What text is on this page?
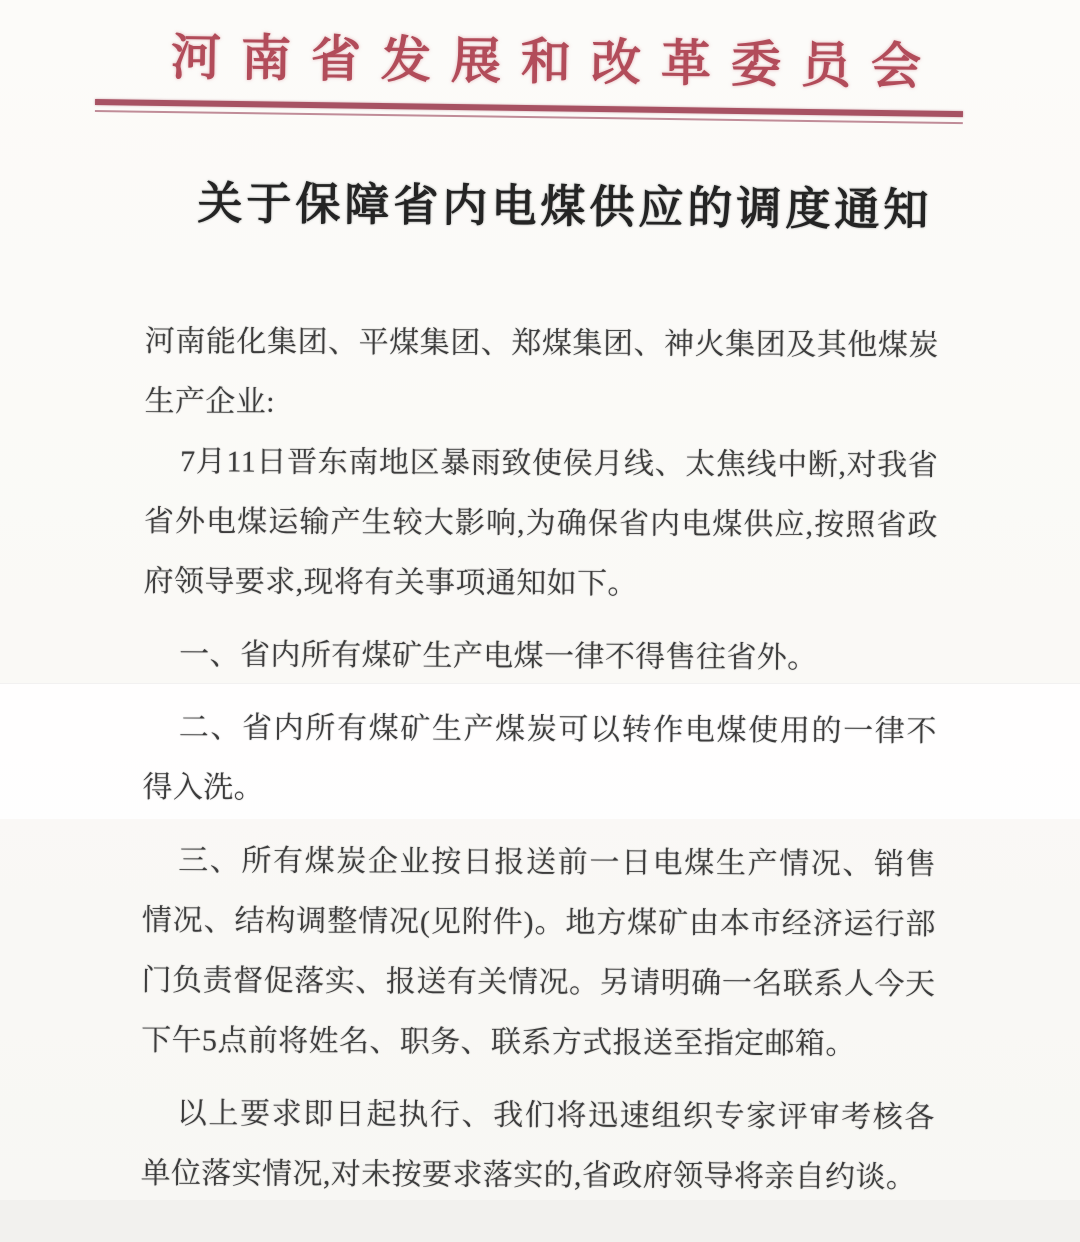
河南省发展和改革委员会
关于保障省内电煤供应的调度通知

河南能化集团、平煤集团、郑煤集团、神火集团及其他煤炭生产企业:

7月11日晋东南地区暴雨致使侯月线、太焦线中断,对我省省外电煤运输产生较大影响,为确保省内电煤供应,按照省政府领导要求,现将有关事项通知如下。

一、省内所有煤矿生产电煤一律不得售往省外。

二、省内所有煤矿生产煤炭可以转作电煤使用的一律不得入洗。

三、所有煤炭企业按日报送前一日电煤生产情况、销售情况、结构调整情况(见附件)。地方煤矿由本市经济运行部门负责督促落实、报送有关情况。另请明确一名联系人今天下午5点前将姓名、职务、联系方式报送至指定邮箱。

以上要求即日起执行、我们将迅速组织专家评审考核各单位落实情况,对未按要求落实的,省政府领导将亲自约谈。
